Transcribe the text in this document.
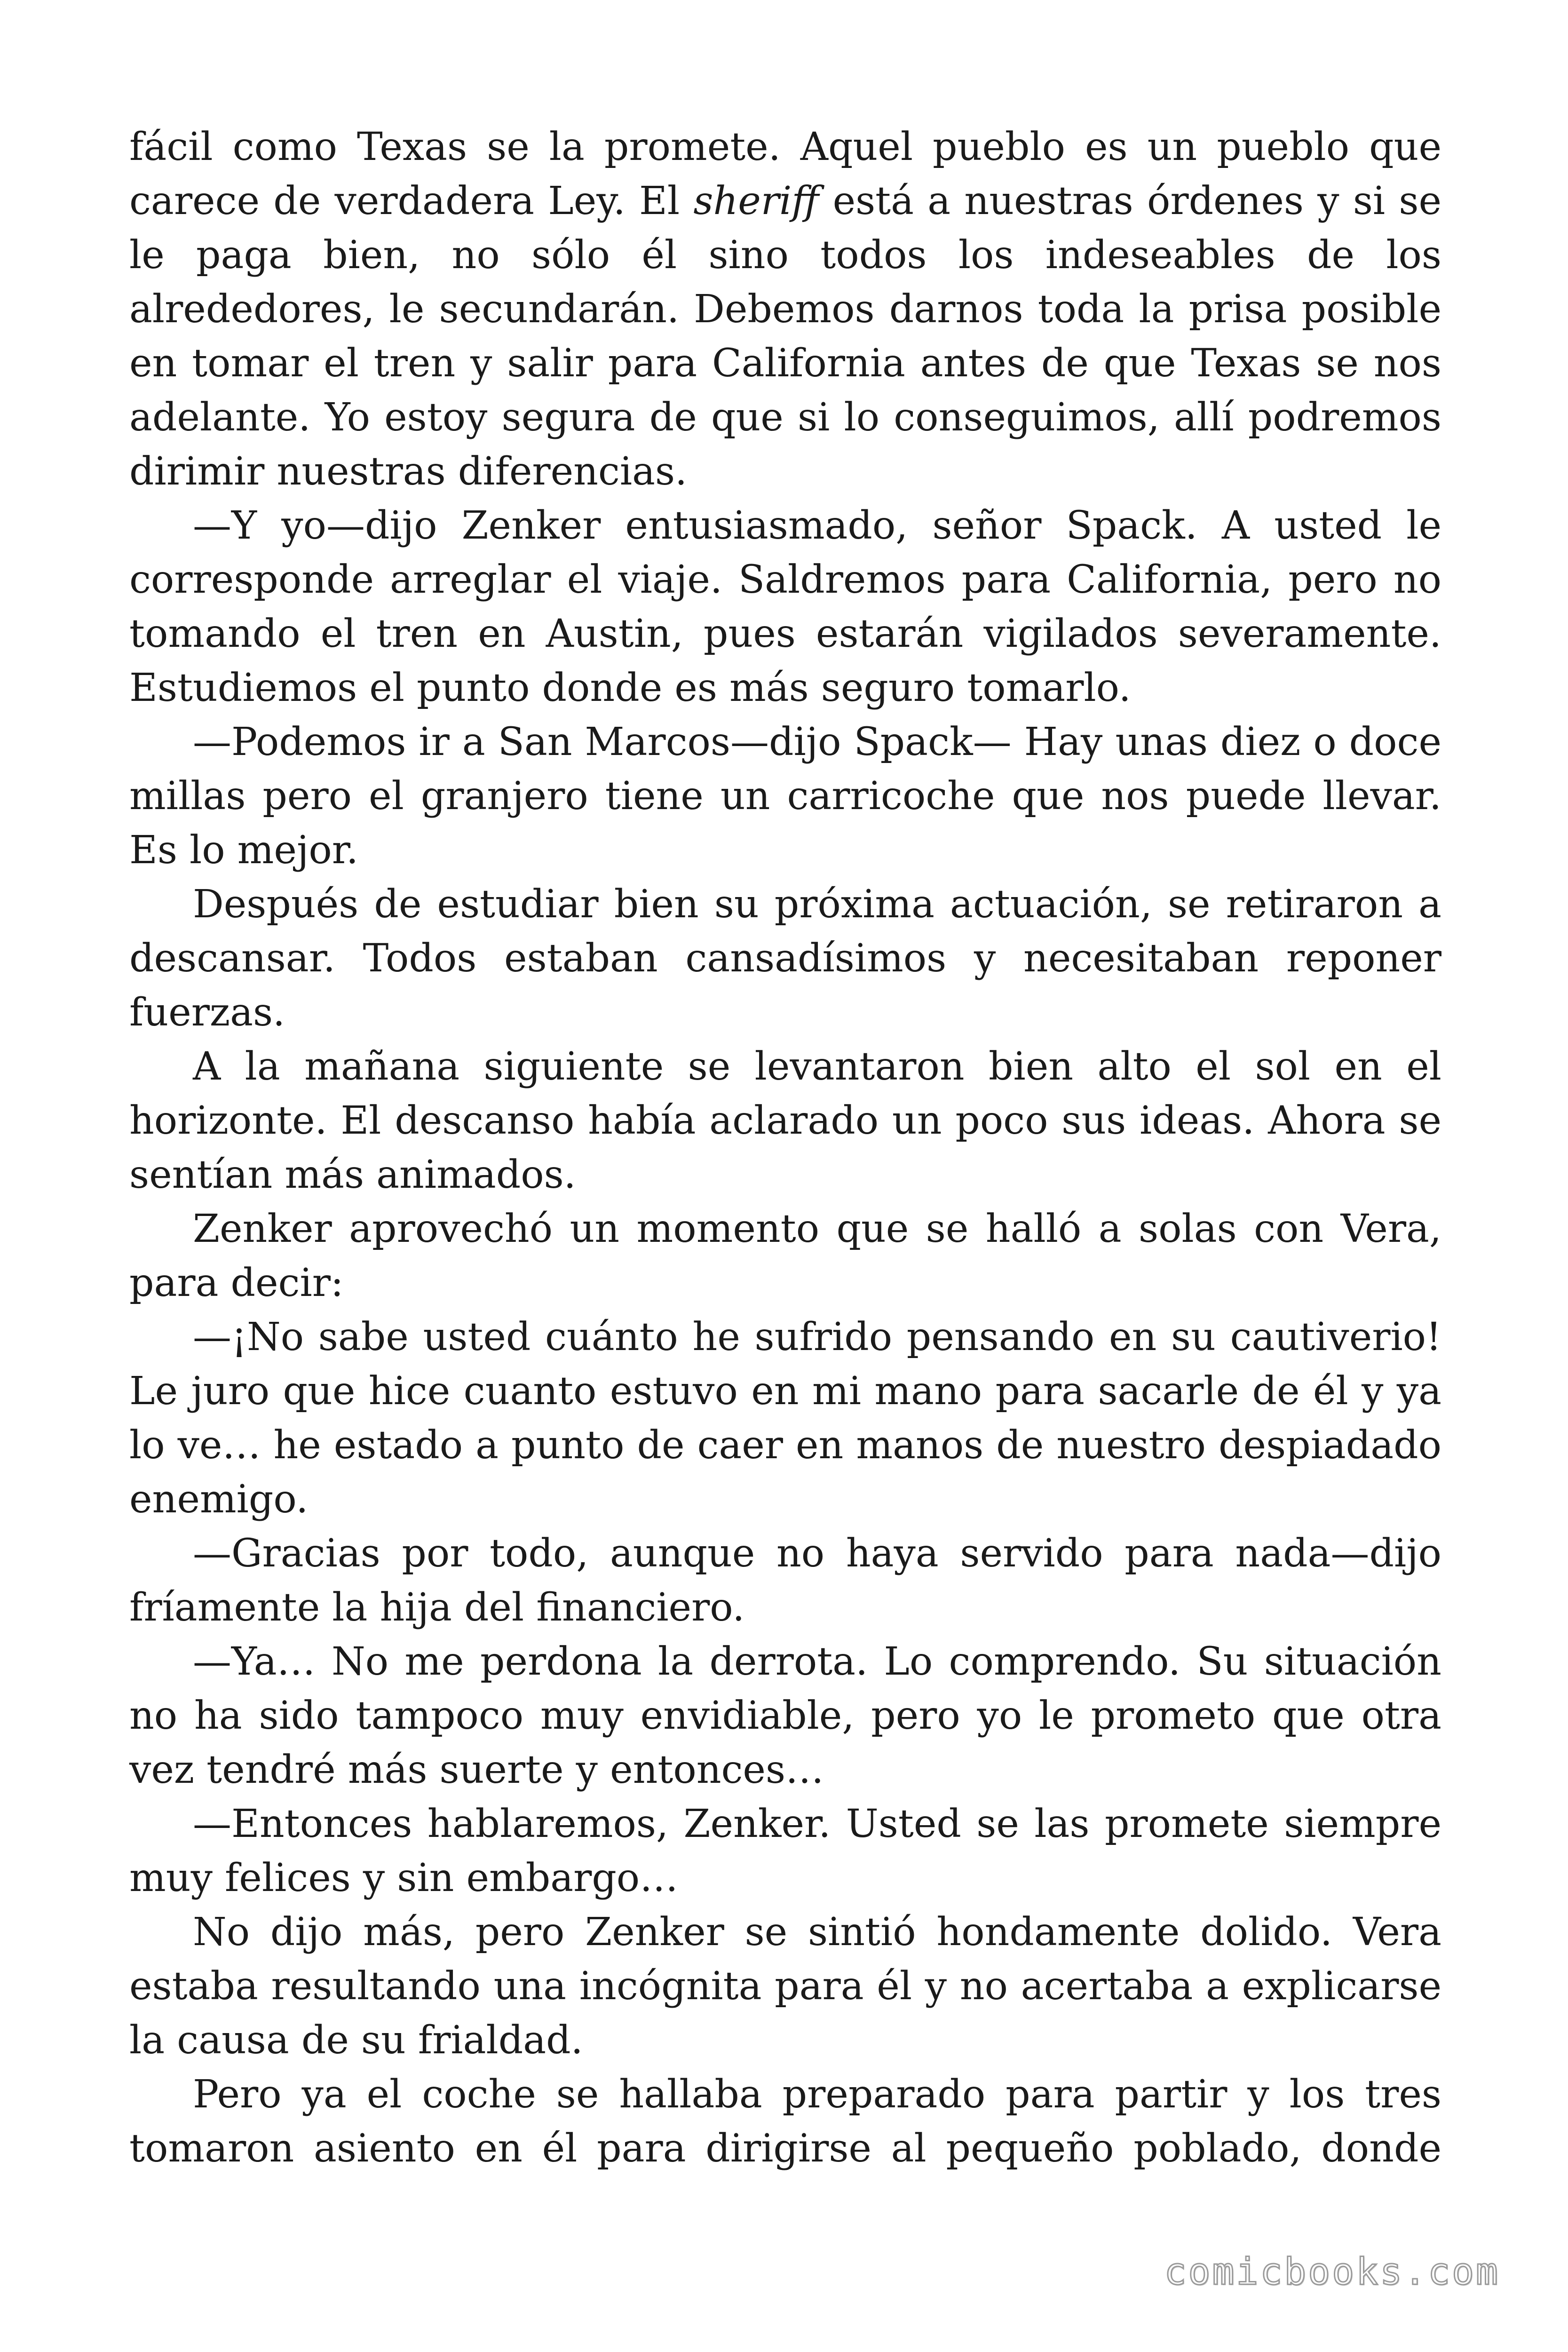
fácil como Texas se la promete. Aquel pueblo es un pueblo que carece de verdadera Ley. El sheriff está a nuestras órdenes y si se le paga bien, no sólo él sino todos los indeseables de los alrededores, le secundarán. Debemos darnos toda la prisa posible en tomar el tren y salir para California antes de que Texas se nos adelante. Yo estoy segura de que si lo conseguimos, allí podremos dirimir nuestras diferencias.

—Y yo—dijo Zenker entusiasmado, señor Spack. A usted le corresponde arreglar el viaje. Saldremos para California, pero no tomando el tren en Austin, pues estarán vigilados severamente. Estudiemos el punto donde es más seguro tomarlo.

—Podemos ir a San Marcos—dijo Spack— Hay unas diez o doce millas pero el granjero tiene un carricoche que nos puede llevar. Es lo mejor.

Después de estudiar bien su próxima actuación, se retiraron a descansar. Todos estaban cansadísimos y necesitaban reponer fuerzas.

A la mañana siguiente se levantaron bien alto el sol en el horizonte. El descanso había aclarado un poco sus ideas. Ahora se sentían más animados.

Zenker aprovechó un momento que se halló a solas con Vera, para decir:

—¡No sabe usted cuánto he sufrido pensando en su cautiverio! Le juro que hice cuanto estuvo en mi mano para sacarle de él y ya lo ve… he estado a punto de caer en manos de nuestro despiadado enemigo.

—Gracias por todo, aunque no haya servido para nada—dijo fríamente la hija del financiero.

—Ya… No me perdona la derrota. Lo comprendo. Su situación no ha sido tampoco muy envidiable, pero yo le prometo que otra vez tendré más suerte y entonces…

—Entonces hablaremos, Zenker. Usted se las promete siempre muy felices y sin embargo…

No dijo más, pero Zenker se sintió hondamente dolido. Vera estaba resultando una incógnita para él y no acertaba a explicarse la causa de su frialdad.

Pero ya el coche se hallaba preparado para partir y los tres tomaron asiento en él para dirigirse al pequeño poblado, donde

comicbooks.com
